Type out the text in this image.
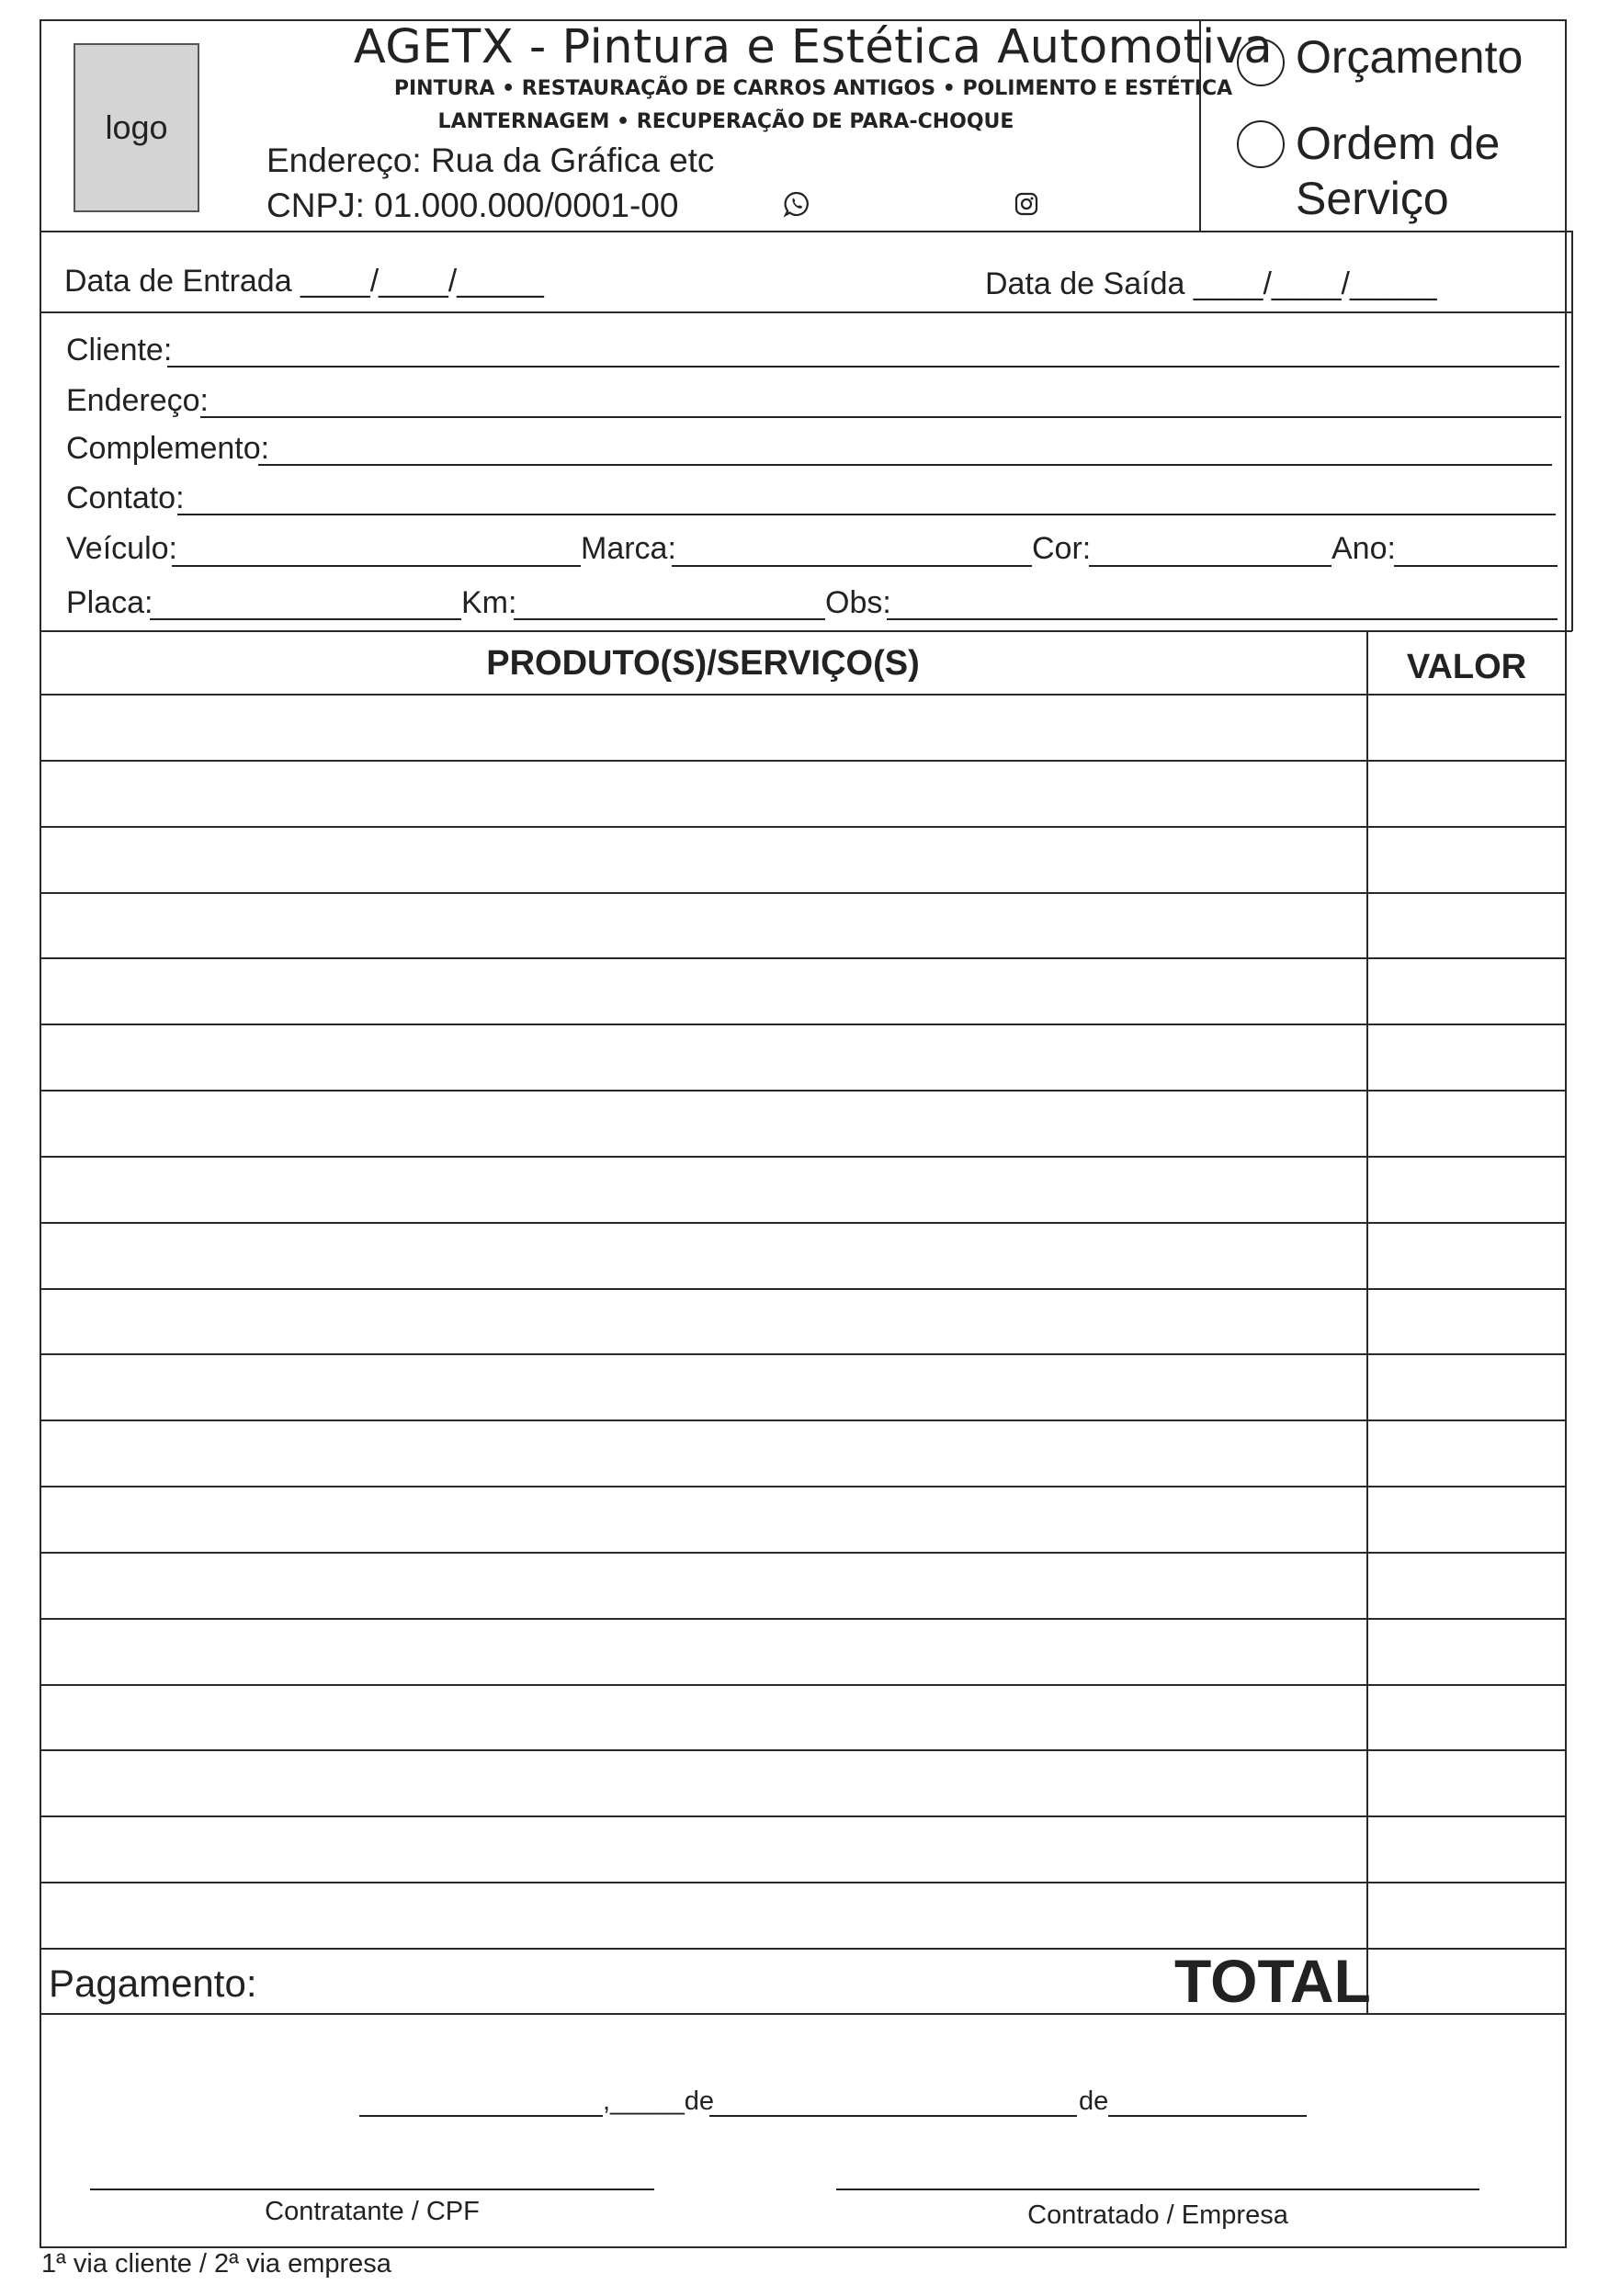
logo
AGETX - Pintura e Estética Automotiva
PINTURA • RESTAURAÇÃO DE CARROS ANTIGOS • POLIMENTO E ESTÉTICA
LANTERNAGEM • RECUPERAÇÃO DE PARA-CHOQUE
Endereço: Rua da Gráfica etc
CNPJ: 01.000.000/0001-00
Orçamento
Ordem de
Serviço
Data de Entrada ____/____/_____	Data de Saída ____/____/_____
Cliente:
Endereço:
Complemento:
Contato:
Veículo:	Marca:	Cor:	Ano:
Placa:	Km:	Obs:
PRODUTO(S)/SERVIÇO(S)	VALOR
Pagamento:	TOTAL
,_____de	de
Contratante / CPF	Contratado / Empresa
1ª via cliente / 2ª via empresa
